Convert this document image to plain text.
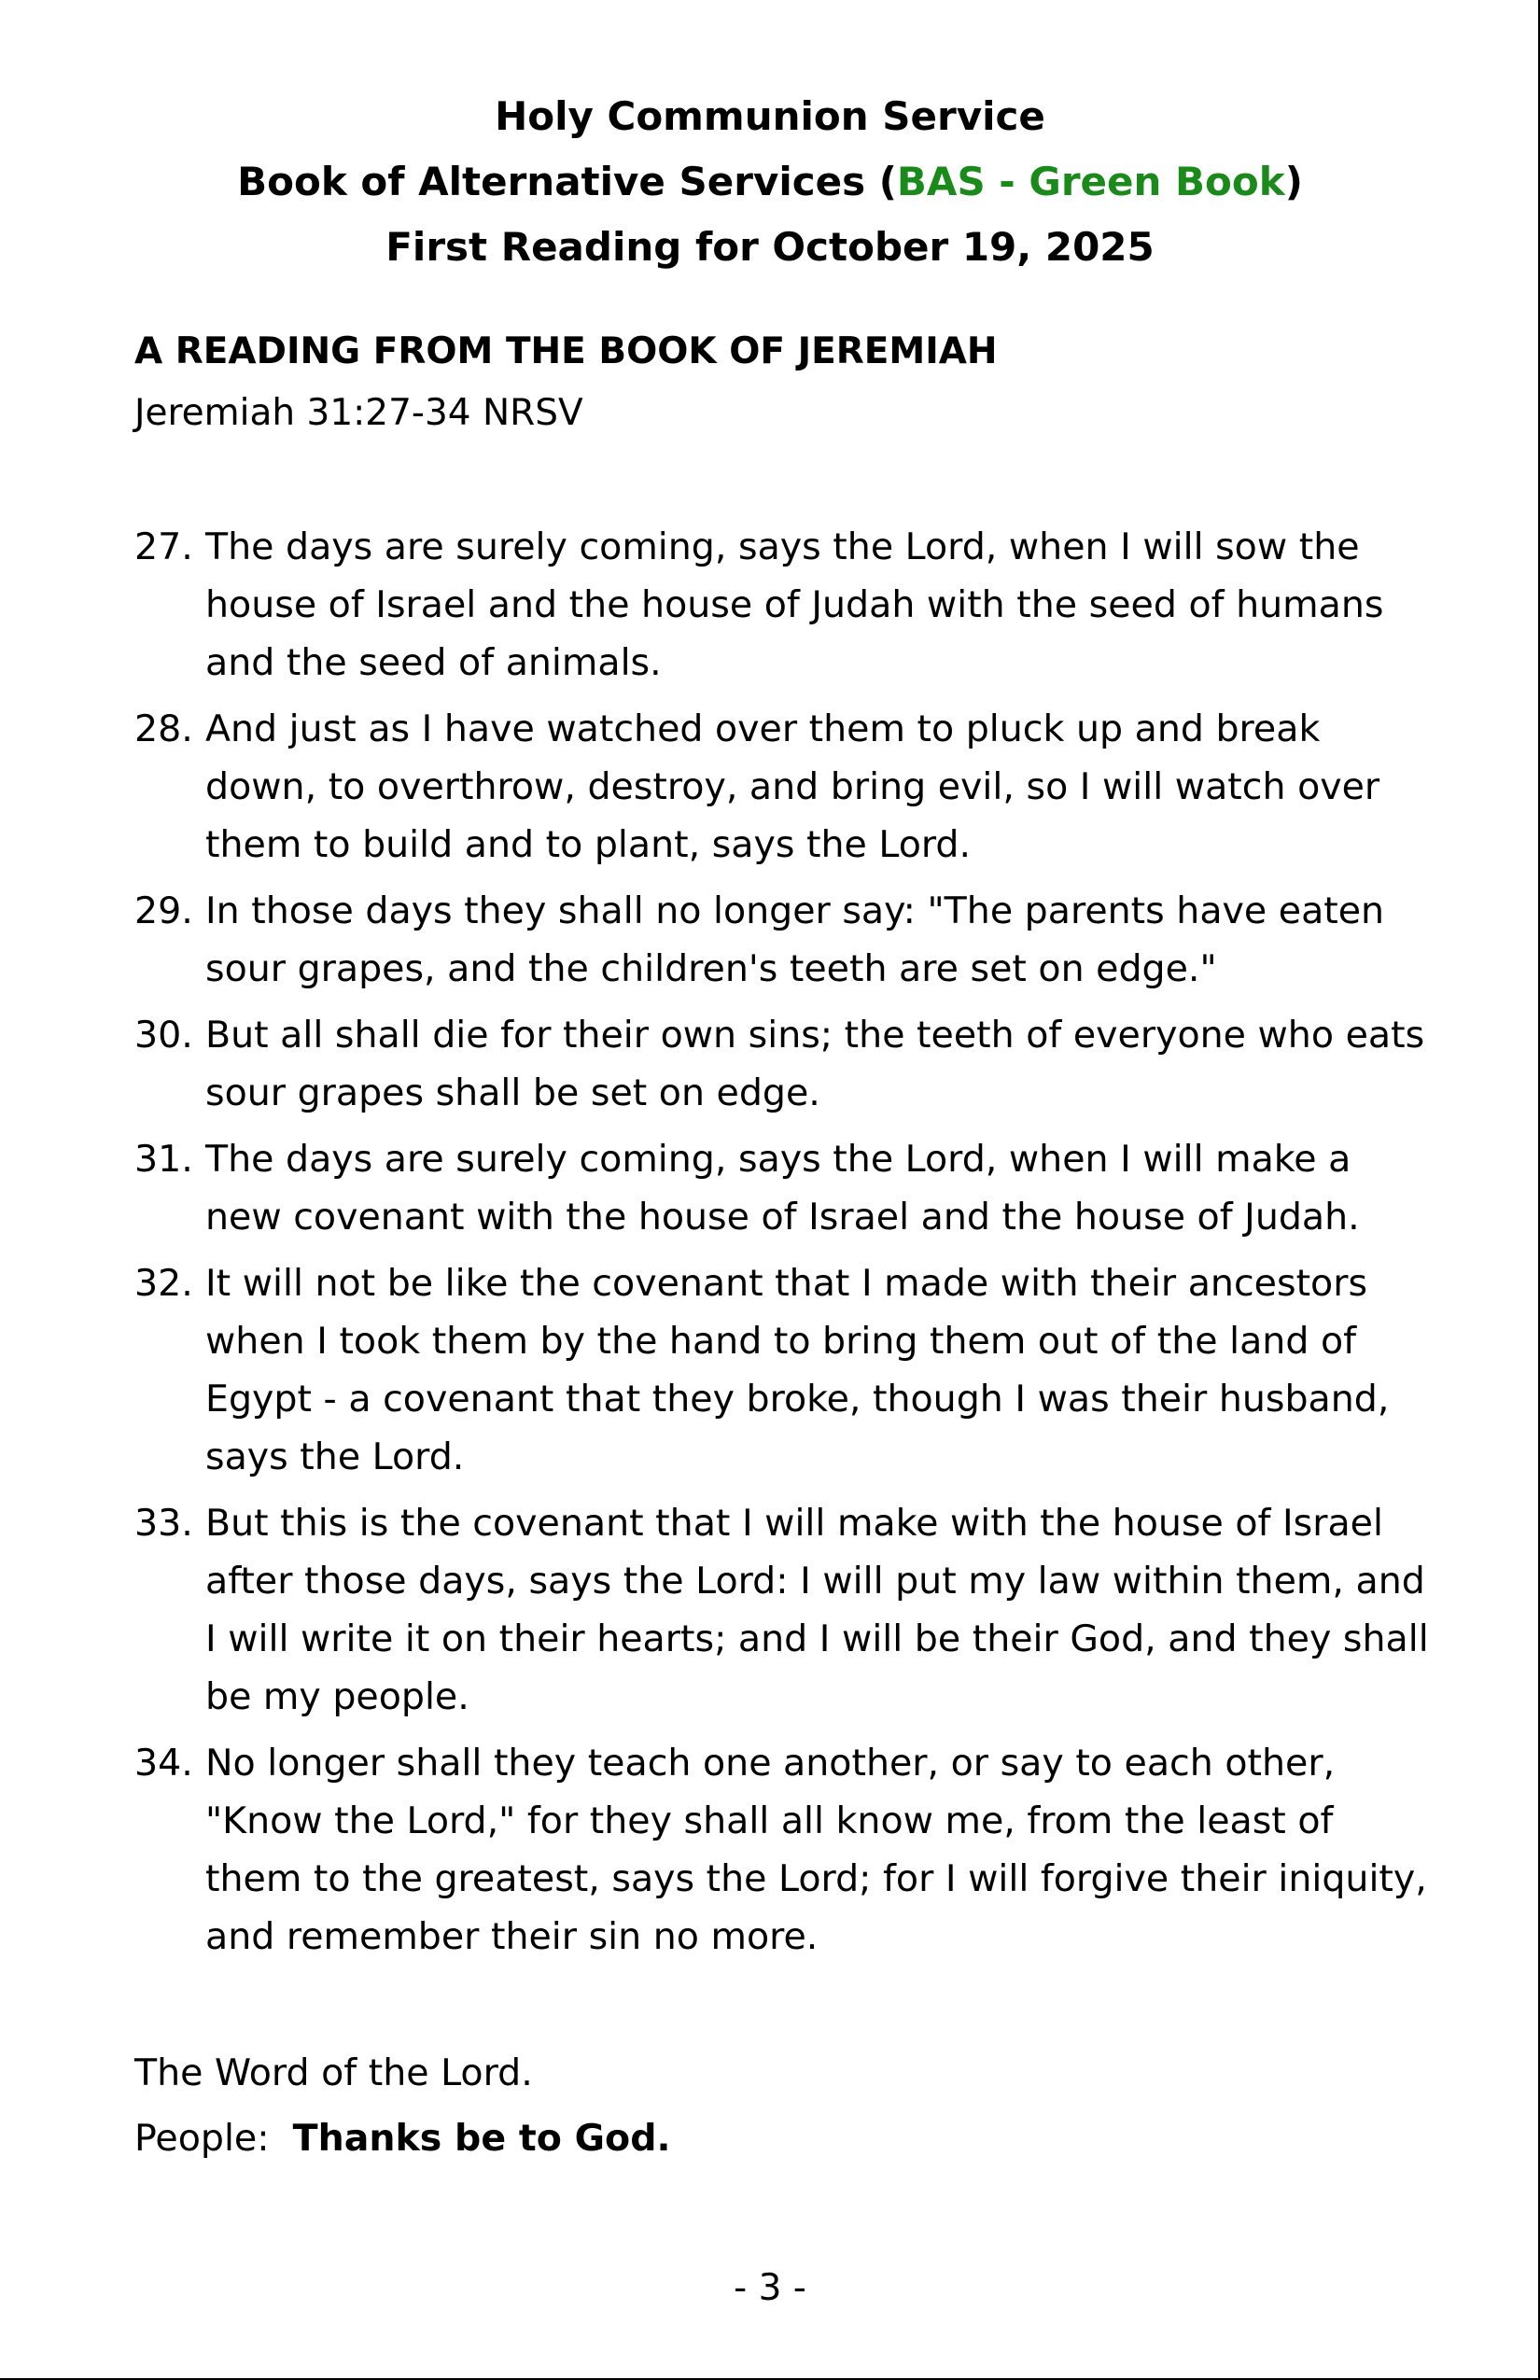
Holy Communion Service
Book of Alternative Services (BAS - Green Book)
First Reading for October 19, 2025
A READING FROM THE BOOK OF JEREMIAH
Jeremiah 31:27-34 NRSV
27. The days are surely coming, says the Lord, when I will sow the
house of Israel and the house of Judah with the seed of humans
and the seed of animals.
28. And just as I have watched over them to pluck up and break
down, to overthrow, destroy, and bring evil, so I will watch over
them to build and to plant, says the Lord.
29. In those days they shall no longer say: "The parents have eaten
sour grapes, and the children's teeth are set on edge."
30. But all shall die for their own sins; the teeth of everyone who eats
sour grapes shall be set on edge.
31. The days are surely coming, says the Lord, when I will make a
new covenant with the house of Israel and the house of Judah.
32. It will not be like the covenant that I made with their ancestors
when I took them by the hand to bring them out of the land of
Egypt - a covenant that they broke, though I was their husband,
says the Lord.
33. But this is the covenant that I will make with the house of Israel
after those days, says the Lord: I will put my law within them, and
I will write it on their hearts; and I will be their God, and they shall
be my people.
34. No longer shall they teach one another, or say to each other,
"Know the Lord," for they shall all know me, from the least of
them to the greatest, says the Lord; for I will forgive their iniquity,
and remember their sin no more.
The Word of the Lord.
People: Thanks be to God.
- 3 -
